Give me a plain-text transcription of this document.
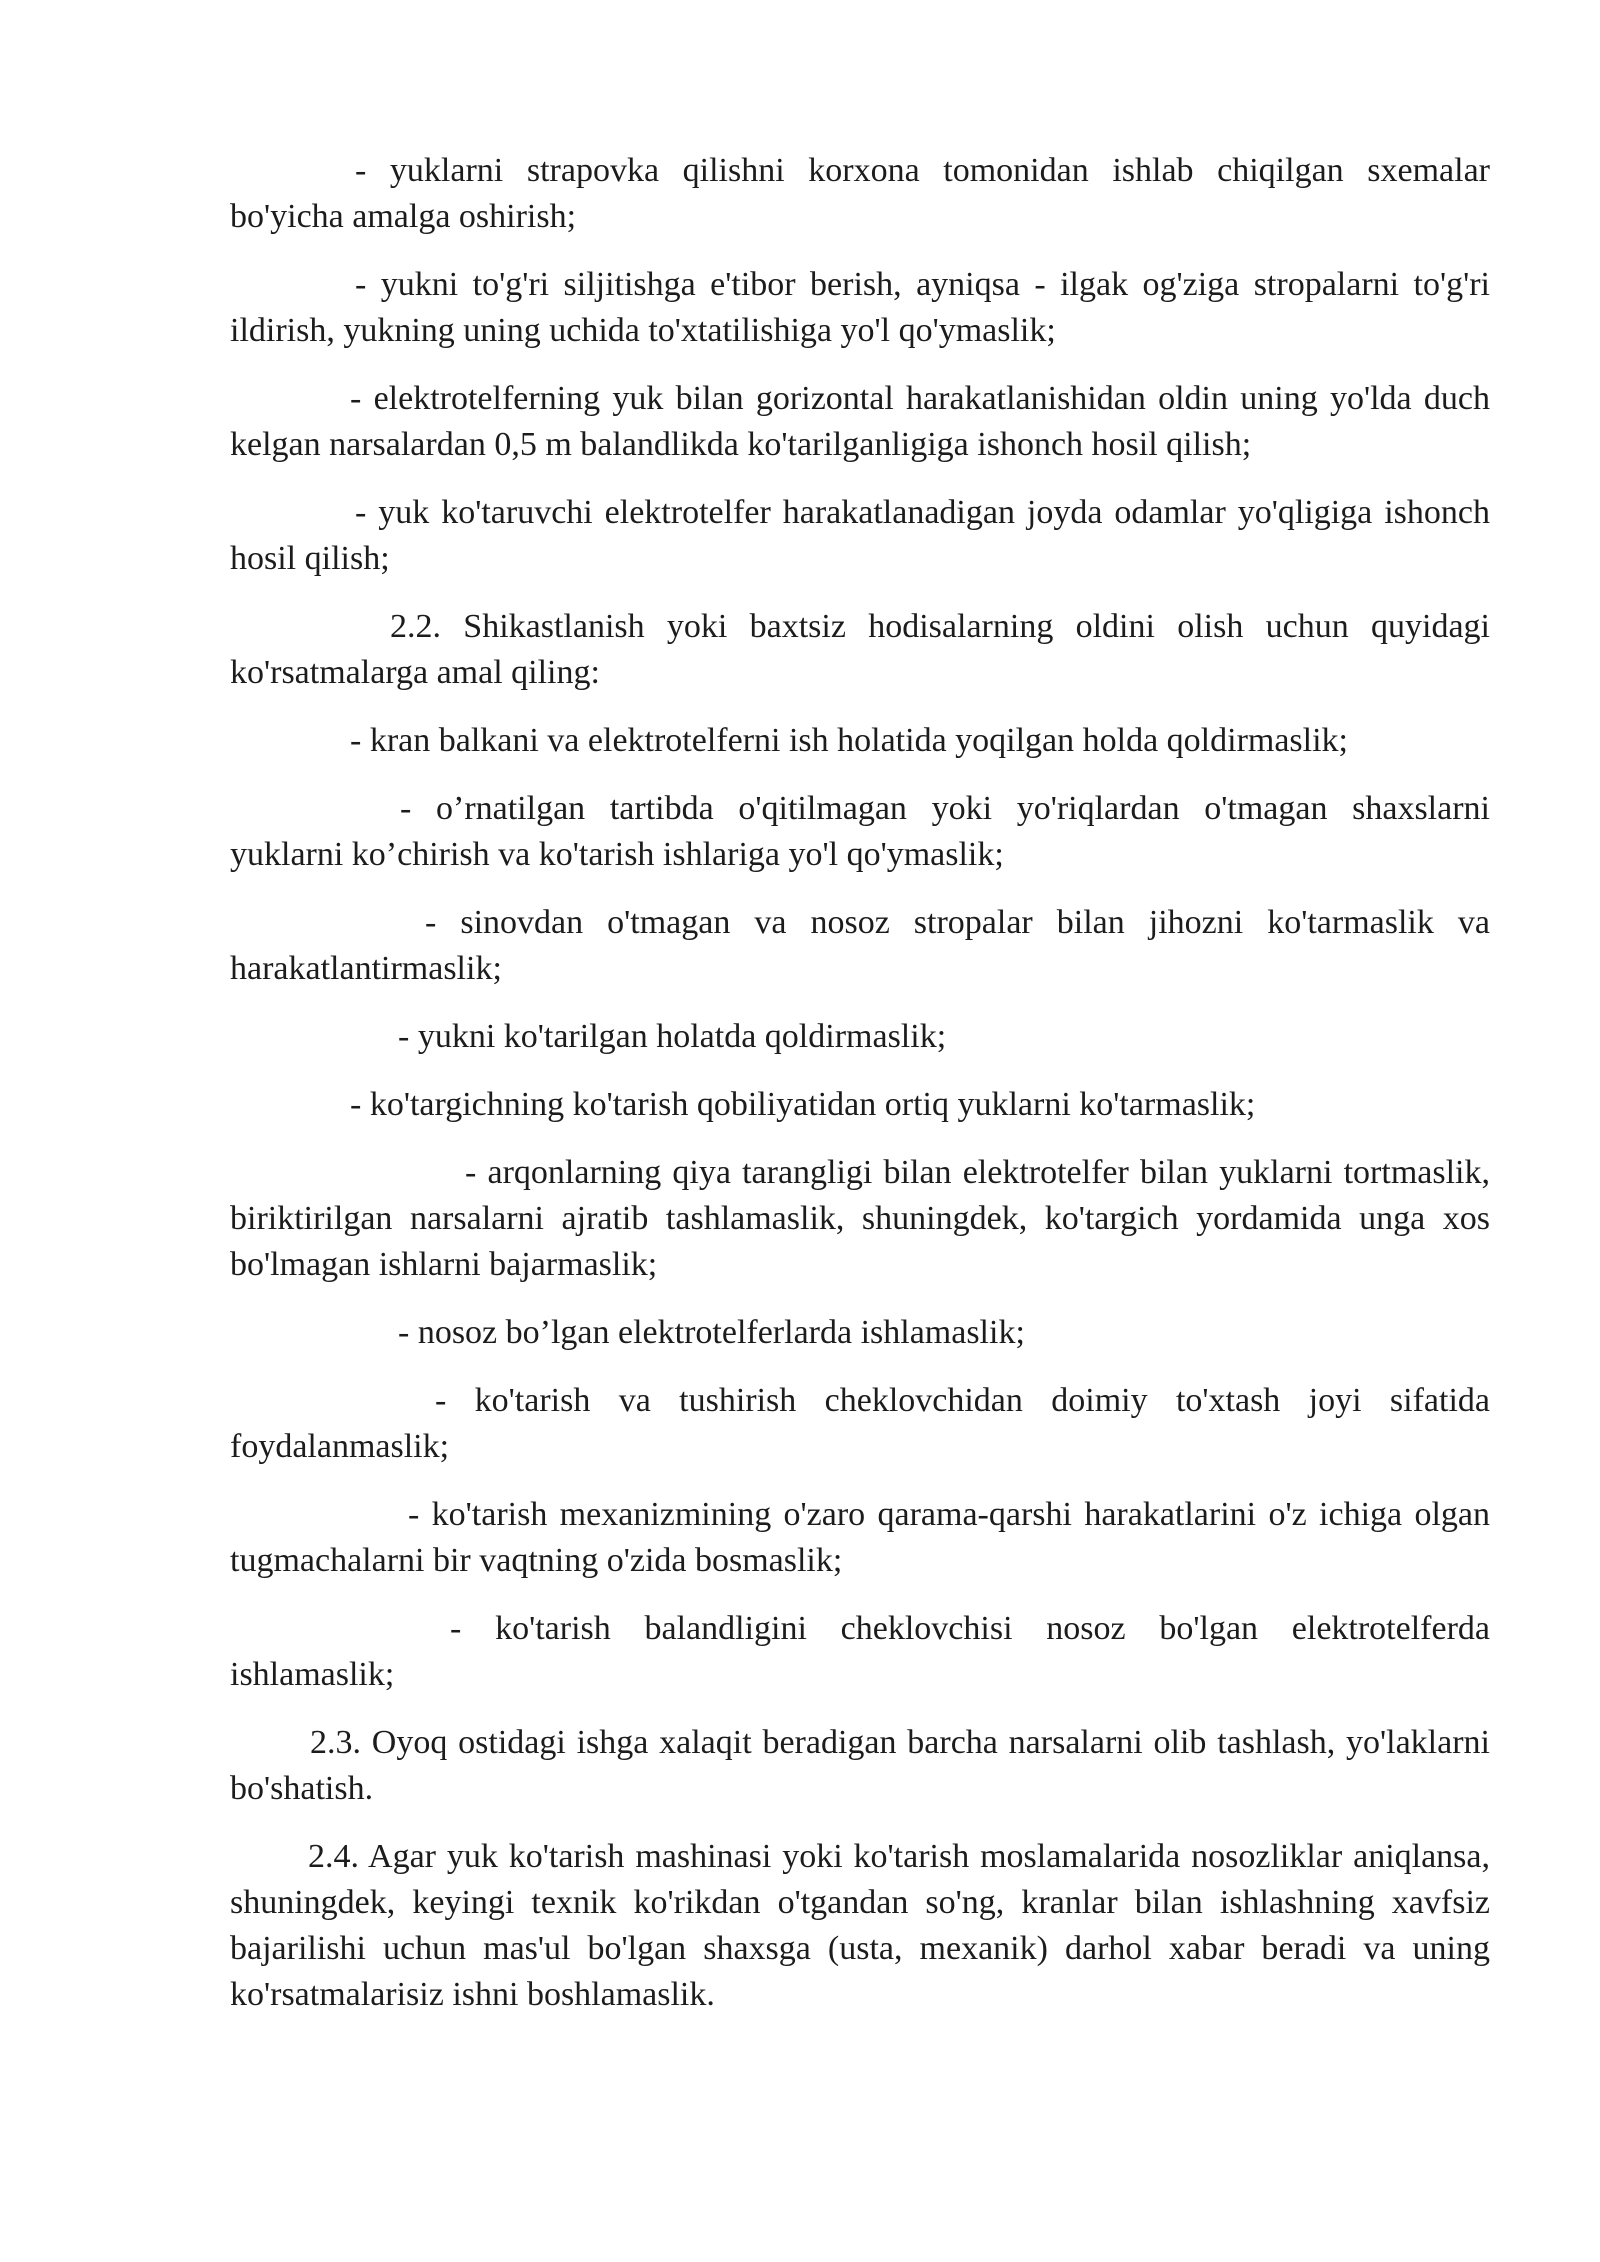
- yuklarni strapovka qilishni korxona tomonidan ishlab chiqilgan sxemalar bo'yicha amalga oshirish;

- yukni to'g'ri siljitishga e'tibor berish, ayniqsa - ilgak og'ziga stropalarni to'g'ri ildirish, yukning uning uchida to'xtatilishiga yo'l qo'ymaslik;

- elektrotelferning yuk bilan gorizontal harakatlanishidan oldin uning yo'lda duch kelgan narsalardan 0,5 m balandlikda ko'tarilganligiga ishonch hosil qilish;

- yuk ko'taruvchi elektrotelfer harakatlanadigan joyda odamlar yo'qligiga ishonch hosil qilish;

2.2. Shikastlanish yoki baxtsiz hodisalarning oldini olish uchun quyidagi ko'rsatmalarga amal qiling:

- kran balkani va elektrotelferni ish holatida yoqilgan holda qoldirmaslik;

- o’rnatilgan tartibda o'qitilmagan yoki yo'riqlardan o'tmagan shaxslarni yuklarni ko’chirish va ko'tarish ishlariga yo'l qo'ymaslik;

- sinovdan o'tmagan va nosoz stropalar bilan jihozni ko'tarmaslik va harakatlantirmaslik;

- yukni ko'tarilgan holatda qoldirmaslik;

- ko'targichning ko'tarish qobiliyatidan ortiq yuklarni ko'tarmaslik;

- arqonlarning qiya tarangligi bilan elektrotelfer bilan yuklarni tortmaslik, biriktirilgan narsalarni ajratib tashlamaslik, shuningdek, ko'targich yordamida unga xos bo'lmagan ishlarni bajarmaslik;

- nosoz bo’lgan elektrotelferlarda ishlamaslik;

- ko'tarish va tushirish cheklovchidan doimiy to'xtash joyi sifatida foydalanmaslik;

- ko'tarish mexanizmining o'zaro qarama-qarshi harakatlarini o'z ichiga olgan tugmachalarni bir vaqtning o'zida bosmaslik;

- ko'tarish balandligini cheklovchisi nosoz bo'lgan elektrotelferda ishlamaslik;

2.3. Oyoq ostidagi ishga xalaqit beradigan barcha narsalarni olib tashlash, yo'laklarni bo'shatish.

2.4. Agar yuk ko'tarish mashinasi yoki ko'tarish moslamalarida nosozliklar aniqlansa, shuningdek, keyingi texnik ko'rikdan o'tgandan so'ng, kranlar bilan ishlashning xavfsiz bajarilishi uchun mas'ul bo'lgan shaxsga (usta, mexanik) darhol xabar beradi va uning ko'rsatmalarisiz ishni boshlamaslik.
